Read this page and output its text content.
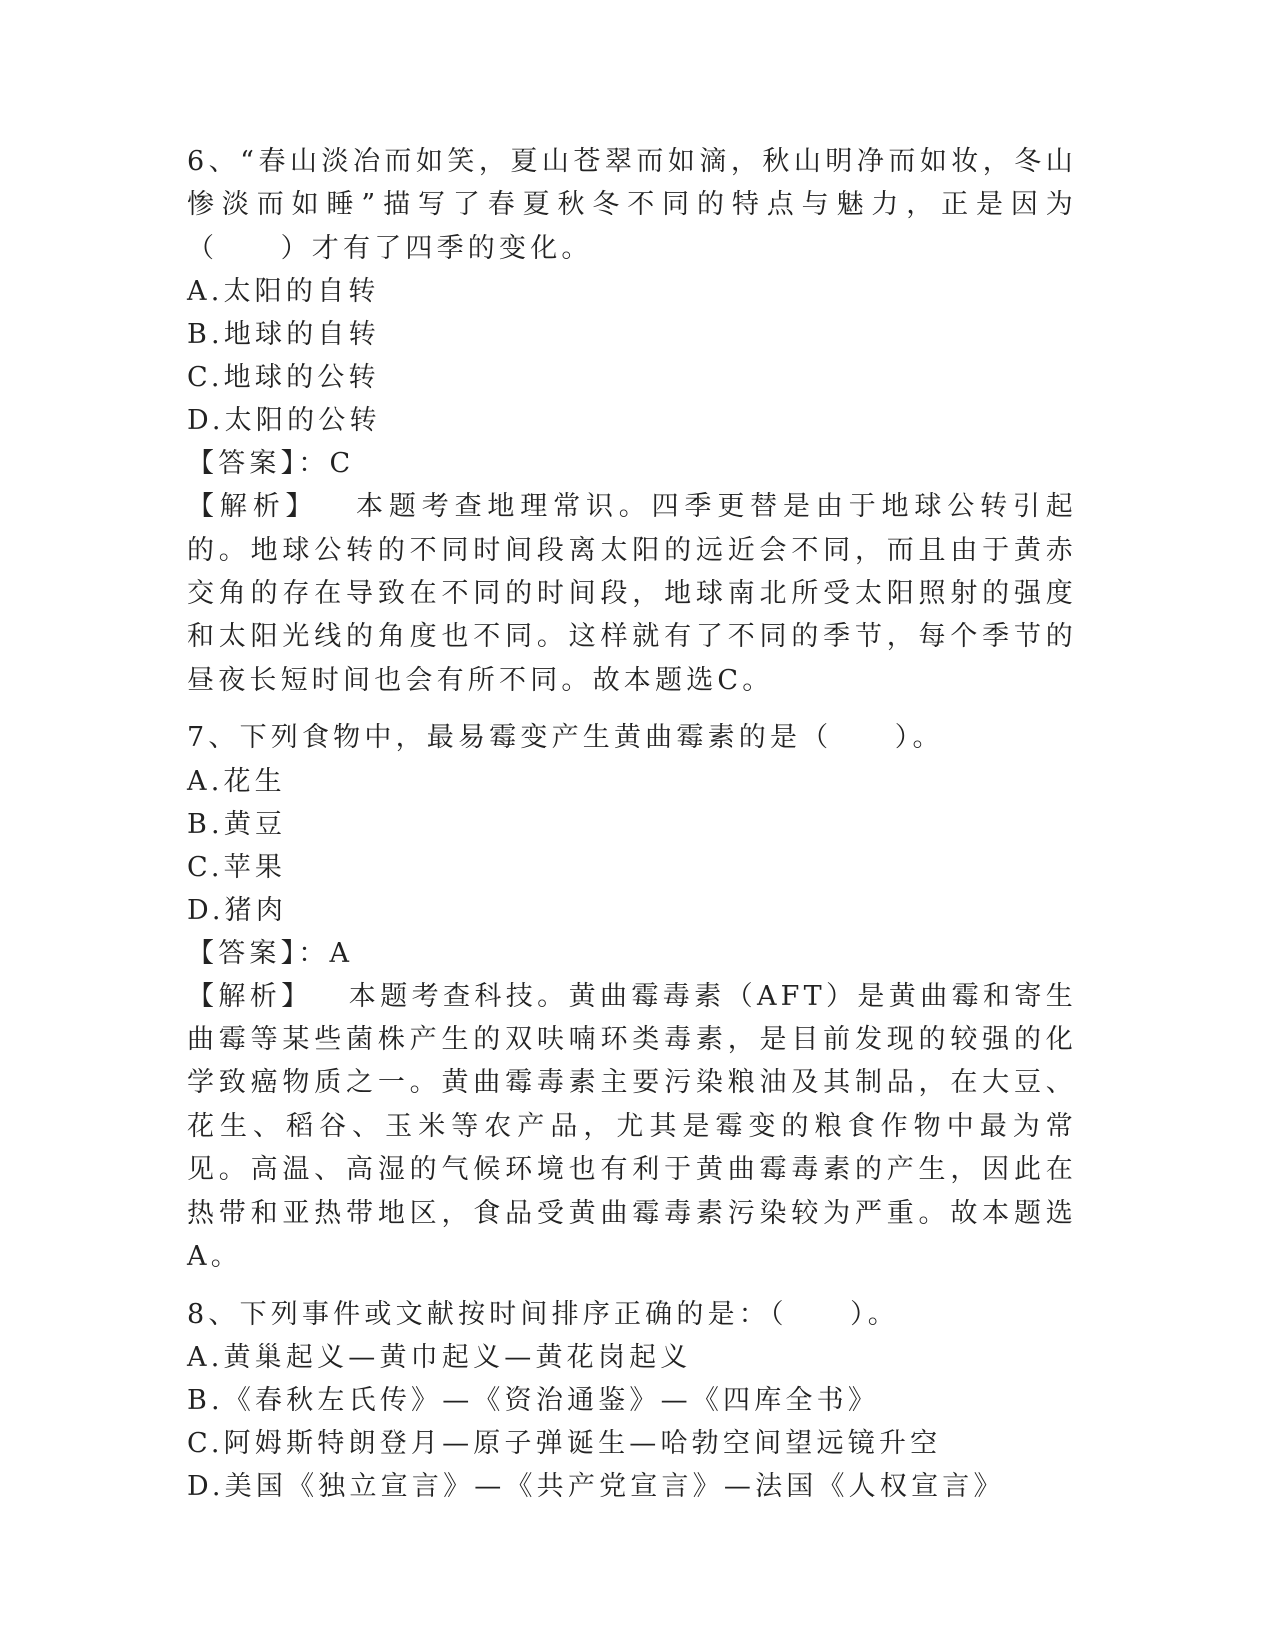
6、“春山淡冶而如笑，夏山苍翠而如滴，秋山明净而如妆，冬山惨淡而如睡”描写了春夏秋冬不同的特点与魅力，正是因为（　　）才有了四季的变化。
A.太阳的自转
B.地球的自转
C.地球的公转
D.太阳的公转
【答案】：C
【解析】 本题考查地理常识。四季更替是由于地球公转引起的。地球公转的不同时间段离太阳的远近会不同，而且由于黄赤交角的存在导致在不同的时间段，地球南北所受太阳照射的强度和太阳光线的角度也不同。这样就有了不同的季节，每个季节的昼夜长短时间也会有所不同。故本题选C。
7、下列食物中，最易霉变产生黄曲霉素的是（　　）。
A.花生
B.黄豆
C.苹果
D.猪肉
【答案】：A
【解析】 本题考查科技。黄曲霉毒素（AFT）是黄曲霉和寄生曲霉等某些菌株产生的双呋喃环类毒素，是目前发现的较强的化学致癌物质之一。黄曲霉毒素主要污染粮油及其制品，在大豆、花生、稻谷、玉米等农产品，尤其是霉变的粮食作物中最为常见。高温、高湿的气候环境也有利于黄曲霉毒素的产生，因此在热带和亚热带地区，食品受黄曲霉毒素污染较为严重。故本题选A。
8、下列事件或文献按时间排序正确的是：（　　）。
A.黄巢起义—黄巾起义—黄花岗起义
B.《春秋左氏传》—《资治通鉴》—《四库全书》
C.阿姆斯特朗登月—原子弹诞生—哈勃空间望远镜升空
D.美国《独立宣言》—《共产党宣言》—法国《人权宣言》
